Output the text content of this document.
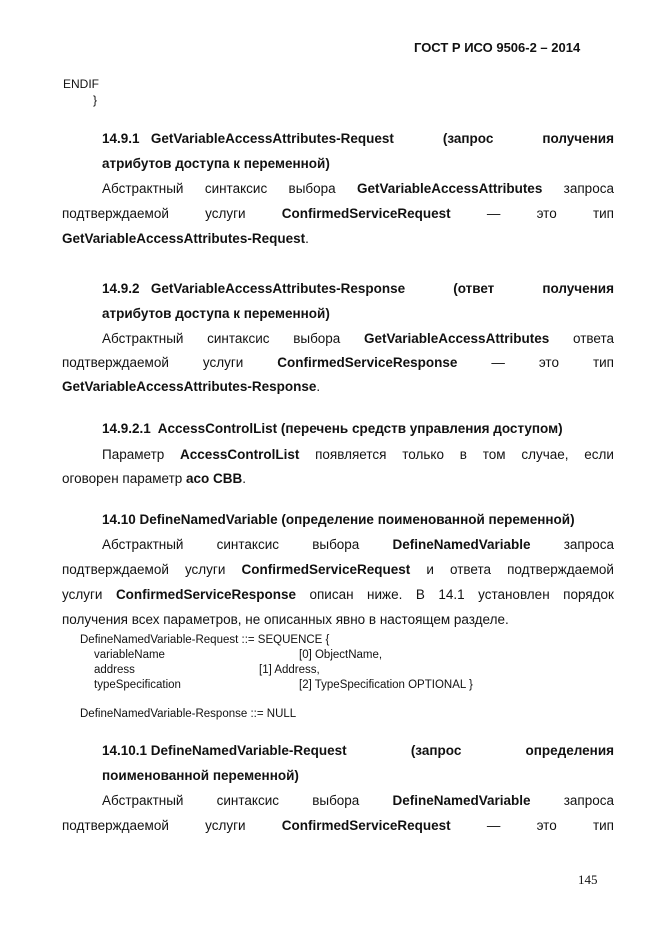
ГОСТ Р ИСО 9506-2 – 2014
ENDIF
}
14.9.1 GetVariableAccessAttributes-Request	(запрос	получения
атрибутов доступа к переменной)
Абстрактный синтаксис выбора GetVariableAccessAttributes запроса
подтверждаемой	услуги	ConfirmedServiceRequest	—	это	тип
GetVariableAccessAttributes-Request.
14.9.2 GetVariableAccessAttributes-Response	(ответ	получения
атрибутов доступа к переменной)
Абстрактный синтаксис выбора GetVariableAccessAttributes ответа
подтверждаемой	услуги	ConfirmedServiceResponse	—	это	тип
GetVariableAccessAttributes-Response.
14.9.2.1  AccessControlList (перечень средств управления доступом)
Параметр AccessControlList появляется только в том случае, если
оговорен параметр aco CBB.
14.10 DefineNamedVariable (определение поименованной переменной)
Абстрактный синтаксис выбора DefineNamedVariable запроса
подтверждаемой услуги ConfirmedServiceRequest и ответа подтверждаемой
услуги ConfirmedServiceResponse описан ниже. В 14.1 установлен порядок
получения всех параметров, не описанных явно в настоящем разделе.
DefineNamedVariable-Request ::= SEQUENCE {
variableName	[0] ObjectName,
address	[1] Address,
typeSpecification	[2] TypeSpecification OPTIONAL }
DefineNamedVariable-Response ::= NULL
14.10.1 DefineNamedVariable-Request	(запрос	определения
поименованной переменной)
Абстрактный синтаксис выбора DefineNamedVariable запроса
подтверждаемой	услуги	ConfirmedServiceRequest	—	это	тип
145
